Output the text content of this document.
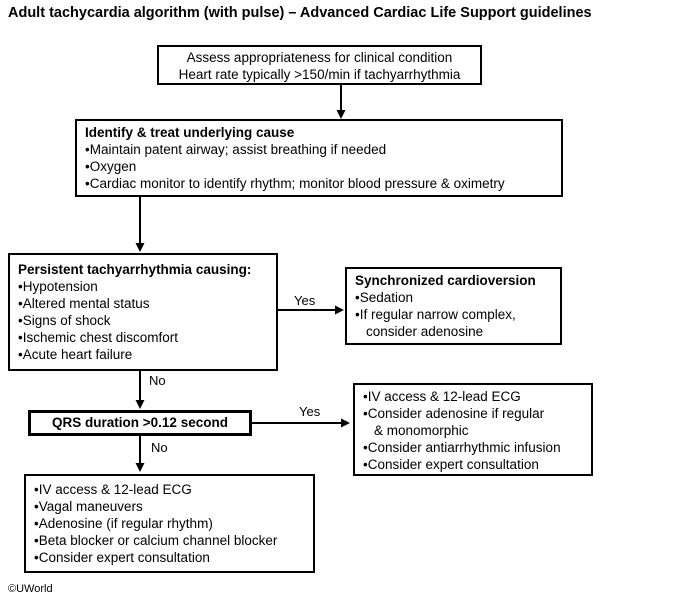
Adult tachycardia algorithm (with pulse) – Advanced Cardiac Life Support guidelines
Yes
No
Yes
No
Assess appropriateness for clinical condition
Heart rate typically >150/min if tachyarrhythmia
Identify & treat underlying cause
• Maintain patent airway; assist breathing if needed
• Oxygen
• Cardiac monitor to identify rhythm; monitor blood pressure & oximetry
Persistent tachyarrhythmia causing:
• Hypotension
• Altered mental status
• Signs of shock
• Ischemic chest discomfort
• Acute heart failure
Synchronized cardioversion
• Sedation
• If regular narrow complex,
consider adenosine
QRS duration >0.12 second
• IV access & 12-lead ECG
• Consider adenosine if regular
& monomorphic
• Consider antiarrhythmic infusion
• Consider expert consultation
• IV access & 12-lead ECG
• Vagal maneuvers
• Adenosine (if regular rhythm)
• Beta blocker or calcium channel blocker
• Consider expert consultation
©UWorld
